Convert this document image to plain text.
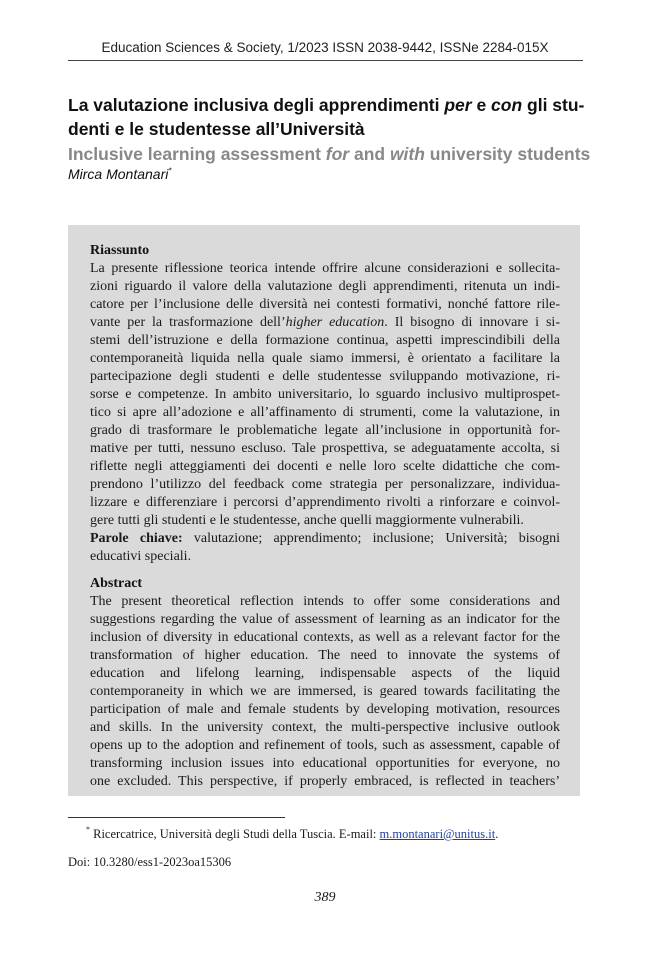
Education Sciences & Society, 1/2023 ISSN 2038-9442, ISSNe 2284-015X
La valutazione inclusiva degli apprendimenti per e con gli stu-
denti e le studentesse all’Università
Inclusive learning assessment for and with university students
Mirca Montanari*
Riassunto
La presente riflessione teorica intende offrire alcune considerazioni e sollecita-
zioni riguardo il valore della valutazione degli apprendimenti, ritenuta un indi-
catore per l’inclusione delle diversità nei contesti formativi, nonché fattore rile-
vante per la trasformazione dell’higher education. Il bisogno di innovare i si-
stemi dell’istruzione e della formazione continua, aspetti imprescindibili della
contemporaneità liquida nella quale siamo immersi, è orientato a facilitare la
partecipazione degli studenti e delle studentesse sviluppando motivazione, ri-
sorse e competenze. In ambito universitario, lo sguardo inclusivo multiprospet-
tico si apre all’adozione e all’affinamento di strumenti, come la valutazione, in
grado di trasformare le problematiche legate all’inclusione in opportunità for-
mative per tutti, nessuno escluso. Tale prospettiva, se adeguatamente accolta, si
riflette negli atteggiamenti dei docenti e nelle loro scelte didattiche che com-
prendono l’utilizzo del feedback come strategia per personalizzare, individua-
lizzare e differenziare i percorsi d’apprendimento rivolti a rinforzare e coinvol-
gere tutti gli studenti e le studentesse, anche quelli maggiormente vulnerabili.
Parole chiave: valutazione; apprendimento; inclusione; Università; bisogni
educativi speciali.
Abstract
The present theoretical reflection intends to offer some considerations and
suggestions regarding the value of assessment of learning as an indicator for the
inclusion of diversity in educational contexts, as well as a relevant factor for the
transformation of higher education. The need to innovate the systems of
education and lifelong learning, indispensable aspects of the liquid
contemporaneity in which we are immersed, is geared towards facilitating the
participation of male and female students by developing motivation, resources
and skills. In the university context, the multi-perspective inclusive outlook
opens up to the adoption and refinement of tools, such as assessment, capable of
transforming inclusion issues into educational opportunities for everyone, no
one excluded. This perspective, if properly embraced, is reflected in teachers’
* Ricercatrice, Università degli Studi della Tuscia. E-mail: m.montanari@unitus.it.
Doi: 10.3280/ess1-2023oa15306
389
